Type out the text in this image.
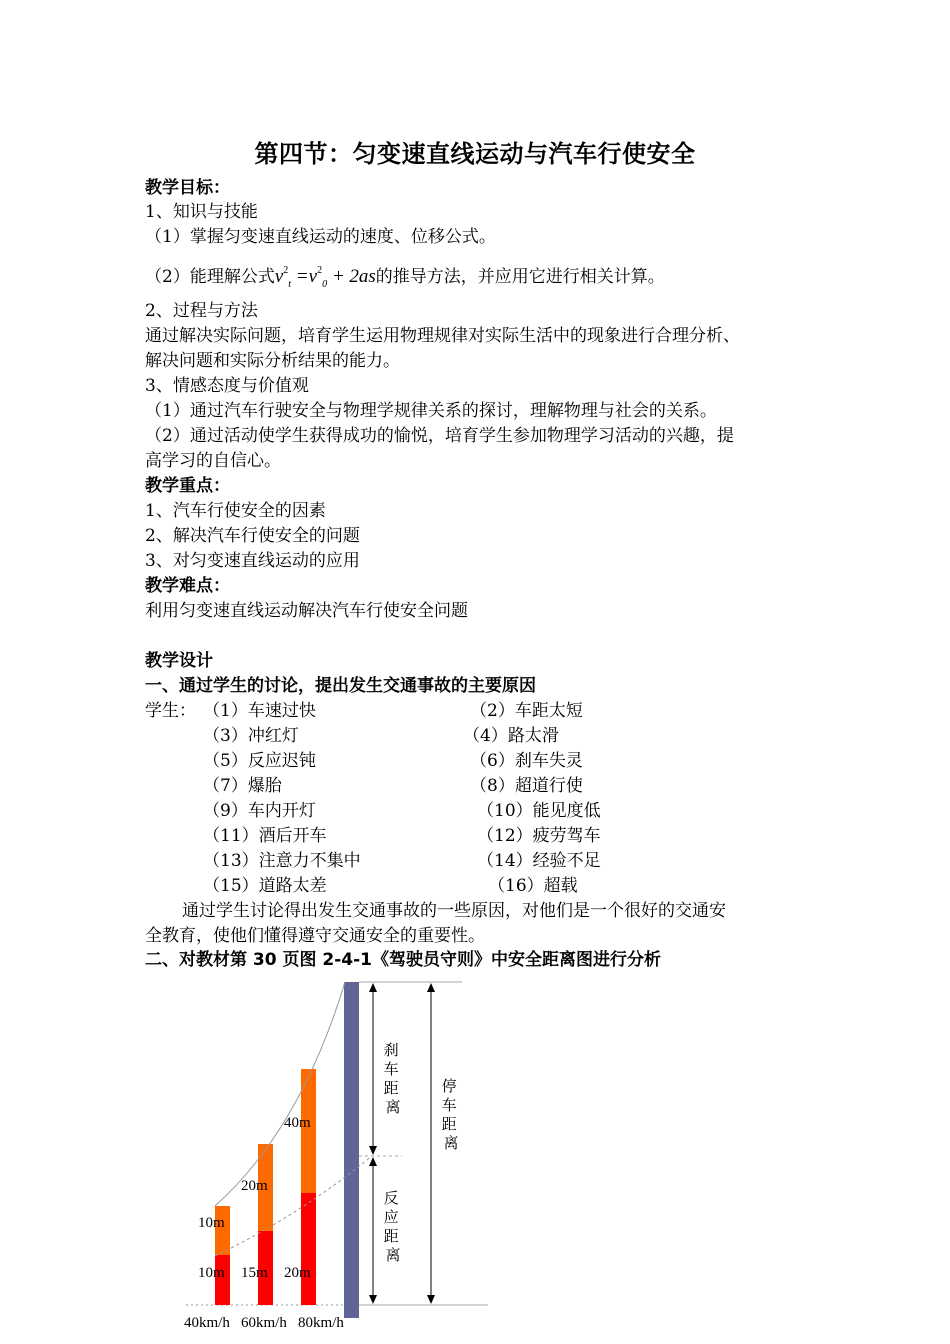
第四节：匀变速直线运动与汽车行使安全
教学目标：
1、知识与技能
（1）掌握匀变速直线运动的速度、位移公式。
（2）能理解公式$v^2_t =v^2_0 + 2as$的推导方法，并应用它进行相关计算。
2、过程与方法
通过解决实际问题，培育学生运用物理规律对实际生活中的现象进行合理分析、
解决问题和实际分析结果的能力。
3、情感态度与价值观
（1）通过汽车行驶安全与物理学规律关系的探讨，理解物理与社会的关系。
（2）通过活动使学生获得成功的愉悦，培育学生参加物理学习活动的兴趣，提
高学习的自信心。
教学重点：
1、汽车行使安全的因素
2、解决汽车行使安全的问题
3、对匀变速直线运动的应用
教学难点：
利用匀变速直线运动解决汽车行使安全问题
教学设计
一、通过学生的讨论，提出发生交通事故的主要原因
学生： （1）车速过快
（3）冲红灯
（5）反应迟钝
（7）爆胎
（9）车内开灯
（11）酒后开车
（13）注意力不集中
（15）道路太差
（2）车距太短
（4）路太滑
（6）刹车失灵
（8）超道行使
（10）能见度低
（12）疲劳驾车
（14）经验不足
（16）超载
通过学生讨论得出发生交通事故的一些原因，对他们是一个很好的交通安
全教育，使他们懂得遵守交通安全的重要性。
二、对教材第 30 页图 2-4-1《驾驶员守则》中安全距离图进行分析
刹 车 距 离
反 应 距 离
停 车 距 离
10m 15m 20m
10m
20m
40m
40km/h 60km/h 80km/h
